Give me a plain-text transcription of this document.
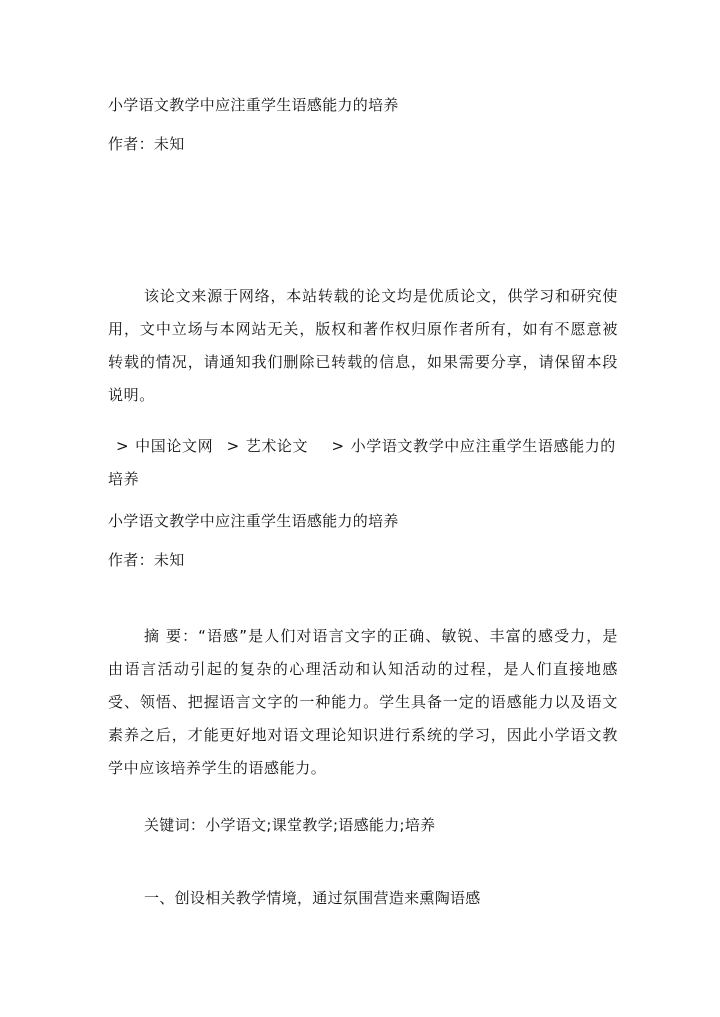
小学语文教学中应注重学生语感能力的培养
作者：未知
该论文来源于网络，本站转载的论文均是优质论文，供学习和研究使用，文中立场与本网站无关，版权和著作权归原作者所有，如有不愿意被转载的情况，请通知我们删除已转载的信息，如果需要分享，请保留本段说明。
> 中国论文网 > 艺术论文 > 小学语文教学中应注重学生语感能力的培养
小学语文教学中应注重学生语感能力的培养
作者：未知
摘 要：“语感”是人们对语言文字的正确、敏锐、丰富的感受力，是由语言活动引起的复杂的心理活动和认知活动的过程，是人们直接地感受、领悟、把握语言文字的一种能力。学生具备一定的语感能力以及语文素养之后，才能更好地对语文理论知识进行系统的学习，因此小学语文教学中应该培养学生的语感能力。
关键词：小学语文;课堂教学;语感能力;培养
一、创设相关教学情境，通过氛围营造来熏陶语感
